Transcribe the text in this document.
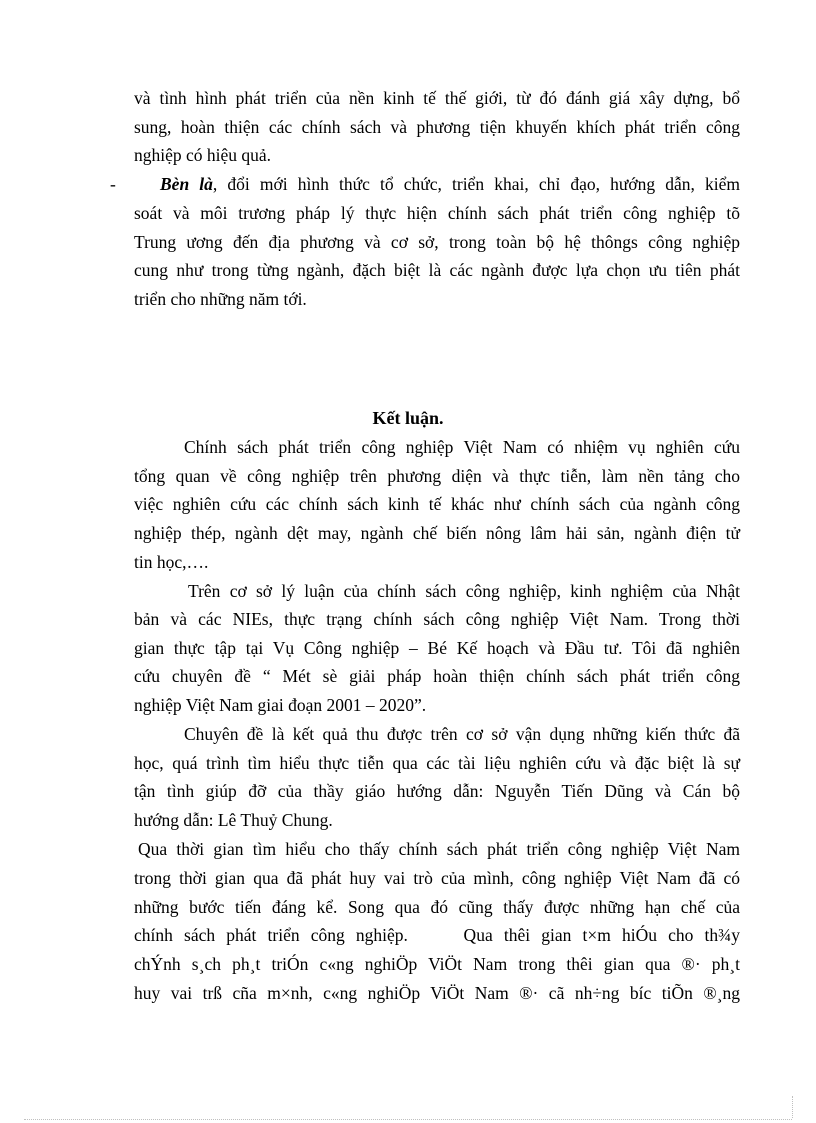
và tình hình phát triển của nền kinh tế thế giới, từ đó đánh giá xây dựng, bổ
sung, hoàn thiện các chính sách và phương tiện khuyến khích phát triển công
nghiệp có hiệu quả.
-	Bèn là, đổi mới hình thức tổ chức, triển khai, chỉ đạo, hướng dẫn, kiểm
soát và môi trương pháp lý thực hiện chính sách phát triển công nghiệp tõ
Trung ương đến địa phương và cơ sở, trong toàn bộ hệ thôngs công nghiệp
cung như trong từng ngành, đặch biệt là các ngành được lựa chọn ưu tiên phát
triển cho những năm tới.
Kết luận.
Chính sách phát triển công nghiệp Việt Nam có nhiệm vụ nghiên cứu
tổng quan về công nghiệp trên phương diện và thực tiễn, làm nền tảng cho
việc nghiên cứu các chính sách kinh tế khác như chính sách của ngành công
nghiệp thép, ngành dệt may, ngành chế biến nông lâm hải sản, ngành điện tử
tin học,….
Trên cơ sở lý luận của chính sách công nghiệp, kinh nghiệm của Nhật
bản và các NIEs, thực trạng chính sách công nghiệp Việt Nam. Trong thời
gian thực tập tại Vụ Công nghiệp – Bé Kế hoạch và Đầu tư. Tôi đã nghiên
cứu chuyên đề “ Mét sè giải pháp hoàn thiện chính sách phát triển công
nghiệp Việt Nam giai đoạn 2001 – 2020”.
Chuyên đề là kết quả thu được trên cơ sở vận dụng những kiến thức đã
học, quá trình tìm hiểu thực tiễn qua các tài liệu nghiên cứu và đặc biệt là sự
tận tình giúp đỡ của thầy giáo hướng dẫn: Nguyễn Tiến Dũng và Cán bộ
hướng dẫn: Lê Thuỷ Chung.
Qua thời gian tìm hiểu cho thấy chính sách phát triển công nghiệp Việt Nam
trong thời gian qua đã phát huy vai trò của mình, công nghiệp Việt Nam đã có
những bước tiến đáng kể. Song qua đó cũng thấy được những hạn chế của
chính sách phát triển công nghiệp.     Qua thêi gian t×m hiÓu cho th¾y
chÝnh s¸ch ph¸t triÓn c«ng nghiÖp ViÖt Nam trong thêi gian qua ®· ph¸t
huy vai trß cña m×nh, c«ng nghiÖp ViÖt Nam ®· cã nh÷ng bíc tiÕn ®¸ng
